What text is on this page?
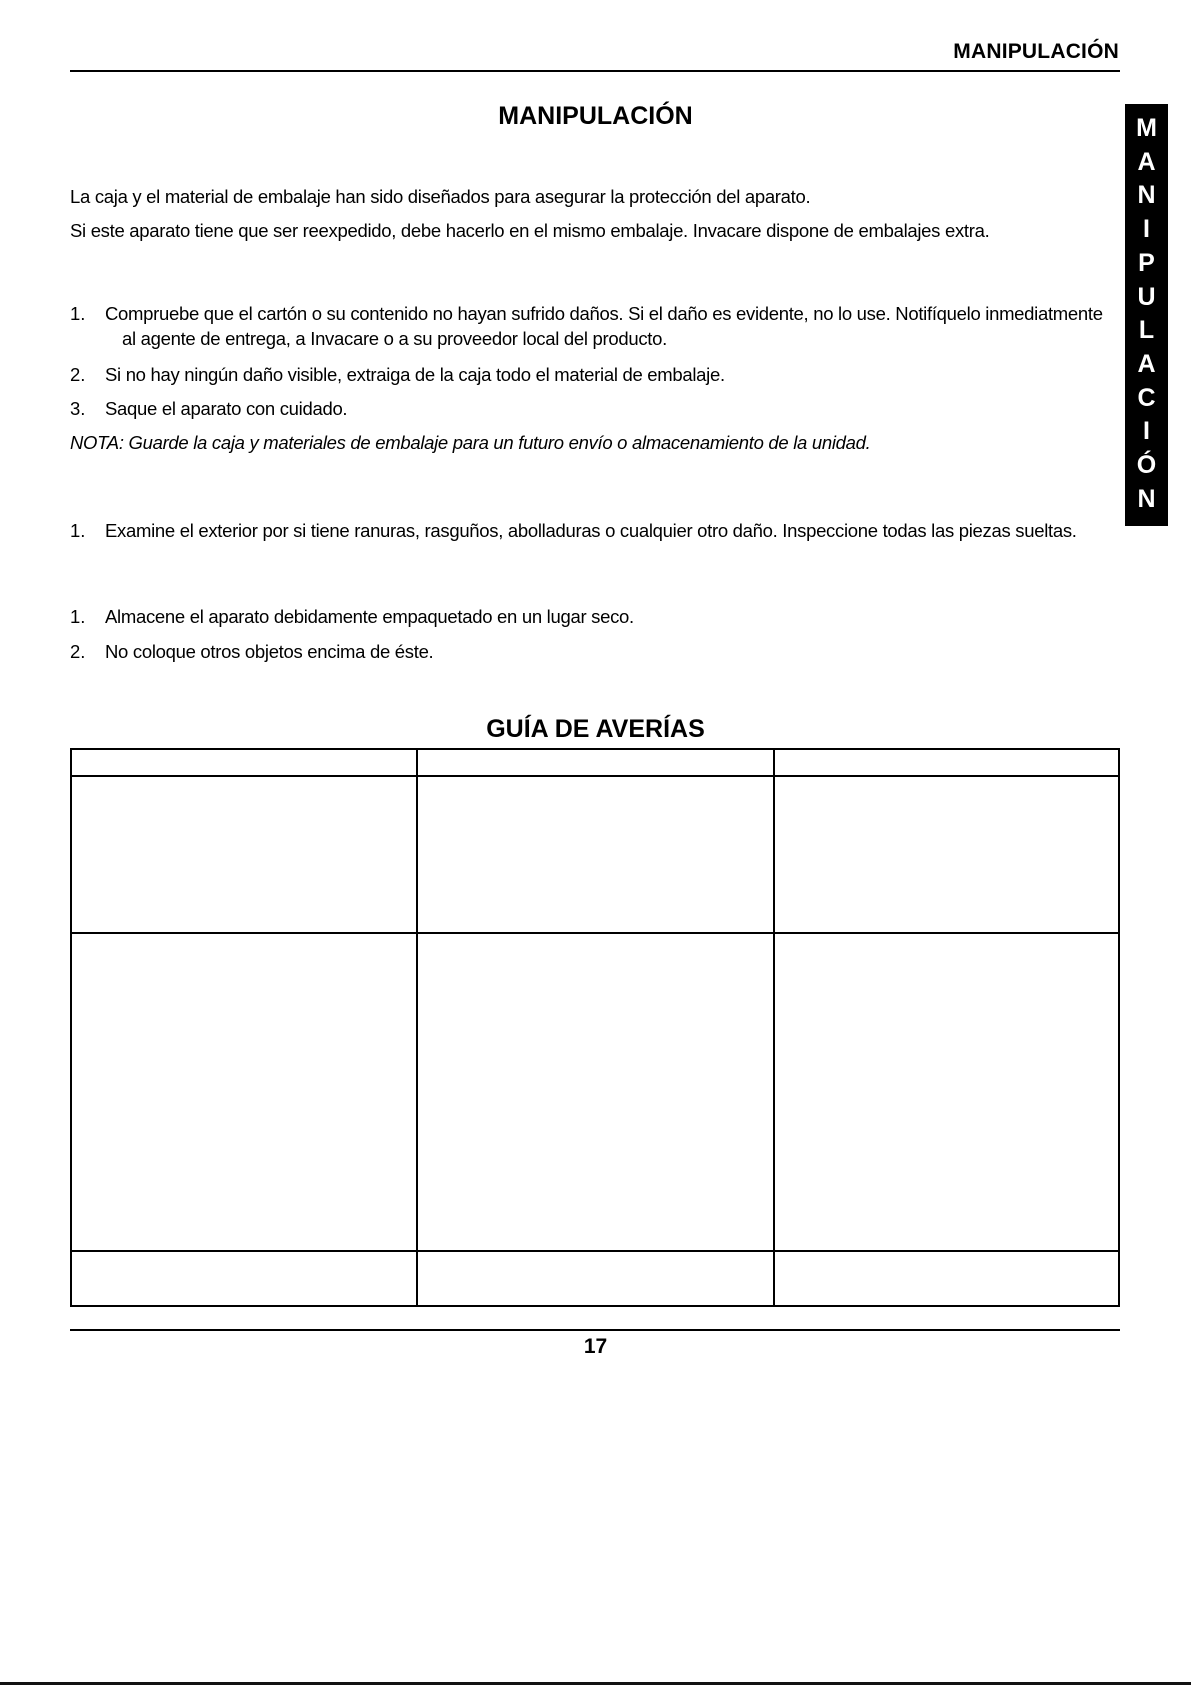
MANIPULACIÓN
M
A
N
I
P
U
L
A
C
I
Ó
N
MANIPULACIÓN
La caja y el material de embalaje han sido diseñados para asegurar la protección del aparato.
Si este aparato tiene que ser reexpedido, debe hacerlo en el mismo embalaje. Invacare dispone de embalajes extra.
1. Compruebe que el cartón o su contenido no hayan sufrido daños. Si el daño es evidente, no lo use. Notifíquelo inmediatmente
al agente de entrega, a Invacare o a su proveedor local del producto.
2. Si no hay ningún daño visible, extraiga de la caja todo el material de embalaje.
3. Saque el aparato con cuidado.
NOTA: Guarde la caja y materiales de embalaje para un futuro envío o almacenamiento de la unidad.
1. Examine el exterior por si tiene ranuras, rasguños, abolladuras o cualquier otro daño. Inspeccione todas las piezas sueltas.
1. Almacene el aparato debidamente empaquetado en un lugar seco.
2. No coloque otros objetos encima de éste.
GUÍA DE AVERÍAS
17
